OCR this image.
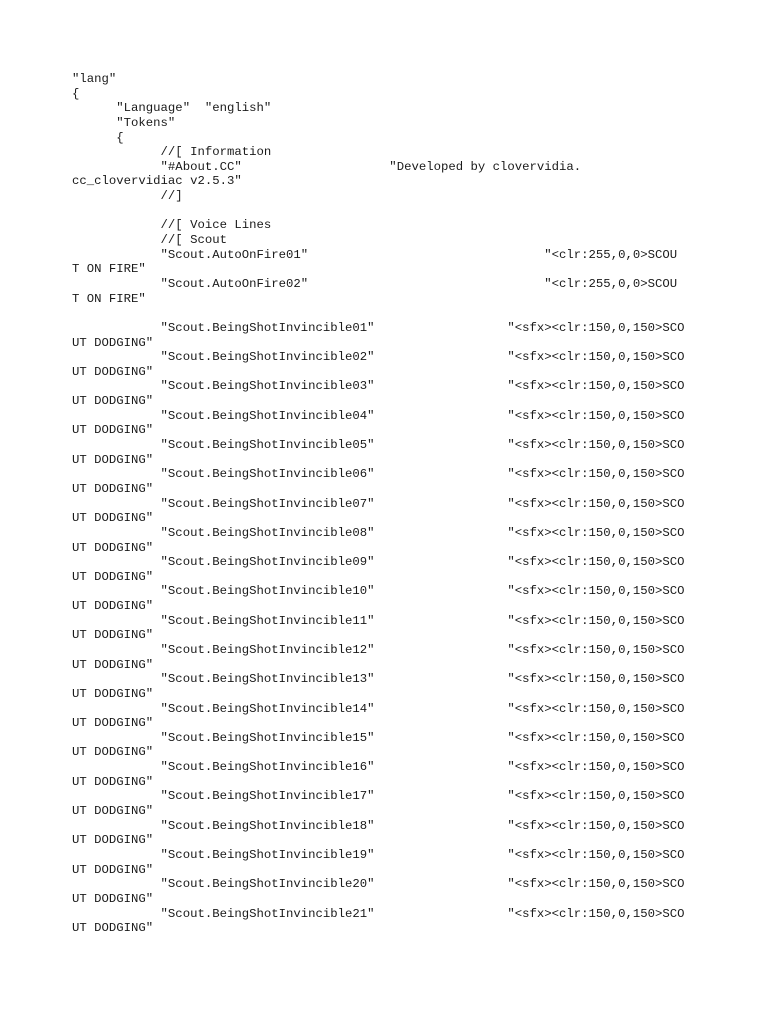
"lang"
{
"Language"  "english"
"Tokens"
{
//[ Information
"#About.CC"                    "Developed by clovervidia.
cc_clovervidiac v2.5.3"
//]
//[ Voice Lines
//[ Scout
"Scout.AutoOnFire01"                                "<clr:255,0,0>SCOU
T ON FIRE"
"Scout.AutoOnFire02"                                "<clr:255,0,0>SCOU
T ON FIRE"
"Scout.BeingShotInvincible01"                  "<sfx><clr:150,0,150>SCO
UT DODGING"
"Scout.BeingShotInvincible02"                  "<sfx><clr:150,0,150>SCO
UT DODGING"
"Scout.BeingShotInvincible03"                  "<sfx><clr:150,0,150>SCO
UT DODGING"
"Scout.BeingShotInvincible04"                  "<sfx><clr:150,0,150>SCO
UT DODGING"
"Scout.BeingShotInvincible05"                  "<sfx><clr:150,0,150>SCO
UT DODGING"
"Scout.BeingShotInvincible06"                  "<sfx><clr:150,0,150>SCO
UT DODGING"
"Scout.BeingShotInvincible07"                  "<sfx><clr:150,0,150>SCO
UT DODGING"
"Scout.BeingShotInvincible08"                  "<sfx><clr:150,0,150>SCO
UT DODGING"
"Scout.BeingShotInvincible09"                  "<sfx><clr:150,0,150>SCO
UT DODGING"
"Scout.BeingShotInvincible10"                  "<sfx><clr:150,0,150>SCO
UT DODGING"
"Scout.BeingShotInvincible11"                  "<sfx><clr:150,0,150>SCO
UT DODGING"
"Scout.BeingShotInvincible12"                  "<sfx><clr:150,0,150>SCO
UT DODGING"
"Scout.BeingShotInvincible13"                  "<sfx><clr:150,0,150>SCO
UT DODGING"
"Scout.BeingShotInvincible14"                  "<sfx><clr:150,0,150>SCO
UT DODGING"
"Scout.BeingShotInvincible15"                  "<sfx><clr:150,0,150>SCO
UT DODGING"
"Scout.BeingShotInvincible16"                  "<sfx><clr:150,0,150>SCO
UT DODGING"
"Scout.BeingShotInvincible17"                  "<sfx><clr:150,0,150>SCO
UT DODGING"
"Scout.BeingShotInvincible18"                  "<sfx><clr:150,0,150>SCO
UT DODGING"
"Scout.BeingShotInvincible19"                  "<sfx><clr:150,0,150>SCO
UT DODGING"
"Scout.BeingShotInvincible20"                  "<sfx><clr:150,0,150>SCO
UT DODGING"
"Scout.BeingShotInvincible21"                  "<sfx><clr:150,0,150>SCO
UT DODGING"
